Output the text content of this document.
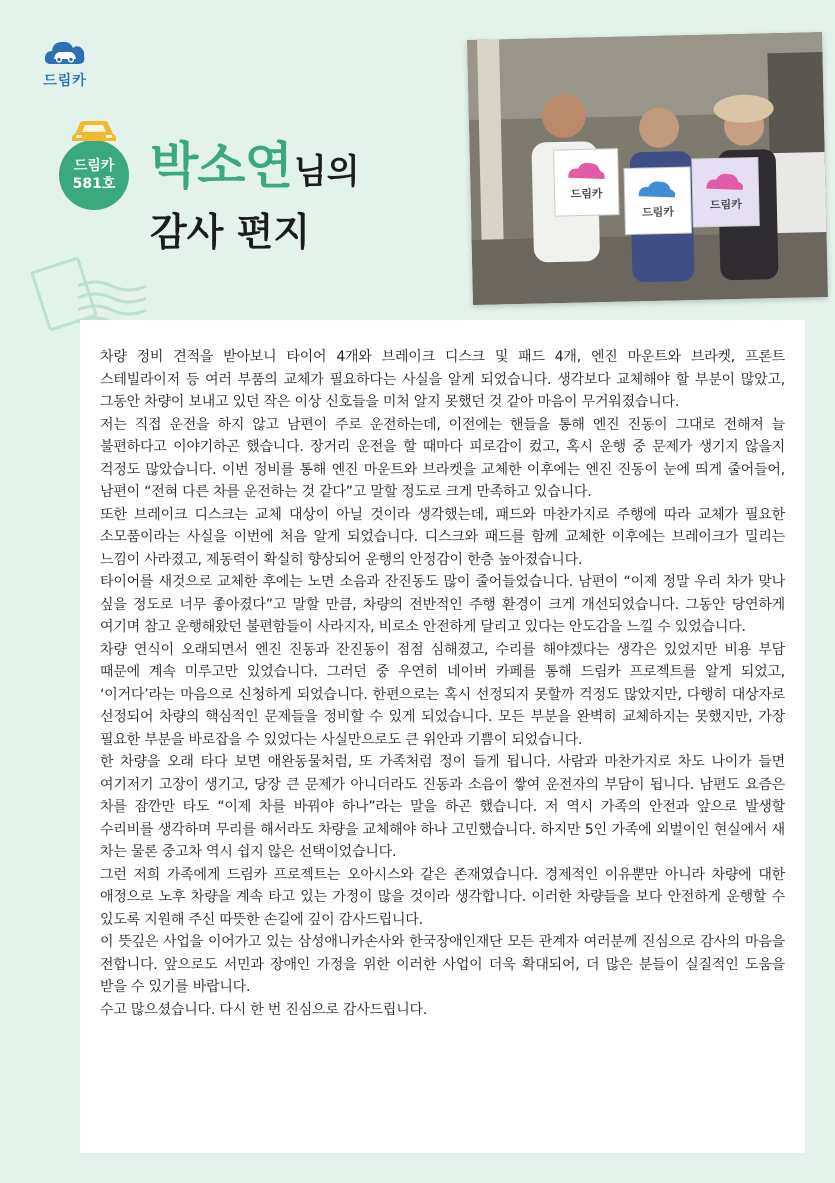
드림카
드림카
581호 박소연 님의
감사 편지
드림카
드림카
드림카

차량 정비 견적을 받아보니 타이어 4개와 브레이크 디스크 및 패드 4개, 엔진 마운트와 브라켓, 프론트 스테빌라이저 등 여러 부품의 교체가 필요하다는 사실을 알게 되었습니다. 생각보다 교체해야 할 부분이 많았고, 그동안 차량이 보내고 있던 작은 이상 신호들을 미처 알지 못했던 것 같아 마음이 무거워졌습니다.

저는 직접 운전을 하지 않고 남편이 주로 운전하는데, 이전에는 핸들을 통해 엔진 진동이 그대로 전해져 늘 불편하다고 이야기하곤 했습니다. 장거리 운전을 할 때마다 피로감이 컸고, 혹시 운행 중 문제가 생기지 않을지 걱정도 많았습니다. 이번 정비를 통해 엔진 마운트와 브라켓을 교체한 이후에는 엔진 진동이 눈에 띄게 줄어들어, 남편이 “전혀 다른 차를 운전하는 것 같다”고 말할 정도로 크게 만족하고 있습니다.

또한 브레이크 디스크는 교체 대상이 아닐 것이라 생각했는데, 패드와 마찬가지로 주행에 따라 교체가 필요한 소모품이라는 사실을 이번에 처음 알게 되었습니다. 디스크와 패드를 함께 교체한 이후에는 브레이크가 밀리는 느낌이 사라졌고, 제동력이 확실히 향상되어 운행의 안정감이 한층 높아졌습니다.

타이어를 새것으로 교체한 후에는 노면 소음과 잔진동도 많이 줄어들었습니다. 남편이 “이제 정말 우리 차가 맞나 싶을 정도로 너무 좋아졌다”고 말할 만큼, 차량의 전반적인 주행 환경이 크게 개선되었습니다. 그동안 당연하게 여기며 참고 운행해왔던 불편함들이 사라지자, 비로소 안전하게 달리고 있다는 안도감을 느낄 수 있었습니다.

차량 연식이 오래되면서 엔진 진동과 잔진동이 점점 심해졌고, 수리를 해야겠다는 생각은 있었지만 비용 부담 때문에 계속 미루고만 있었습니다. 그러던 중 우연히 네이버 카페를 통해 드림카 프로젝트를 알게 되었고, ‘이거다’라는 마음으로 신청하게 되었습니다. 한편으로는 혹시 선정되지 못할까 걱정도 많았지만, 다행히 대상자로 선정되어 차량의 핵심적인 문제들을 정비할 수 있게 되었습니다. 모든 부분을 완벽히 교체하지는 못했지만, 가장 필요한 부분을 바로잡을 수 있었다는 사실만으로도 큰 위안과 기쁨이 되었습니다.

한 차량을 오래 타다 보면 애완동물처럼, 또 가족처럼 정이 들게 됩니다. 사람과 마찬가지로 차도 나이가 들면 여기저기 고장이 생기고, 당장 큰 문제가 아니더라도 진동과 소음이 쌓여 운전자의 부담이 됩니다. 남편도 요즘은 차를 잠깐만 타도 “이제 차를 바꿔야 하나”라는 말을 하곤 했습니다. 저 역시 가족의 안전과 앞으로 발생할 수리비를 생각하며 무리를 해서라도 차량을 교체해야 하나 고민했습니다. 하지만 5인 가족에 외벌이인 현실에서 새 차는 물론 중고차 역시 쉽지 않은 선택이었습니다.

그런 저희 가족에게 드림카 프로젝트는 오아시스와 같은 존재였습니다. 경제적인 이유뿐만 아니라 차량에 대한 애정으로 노후 차량을 계속 타고 있는 가정이 많을 것이라 생각합니다. 이러한 차량들을 보다 안전하게 운행할 수 있도록 지원해 주신 따뜻한 손길에 깊이 감사드립니다.

이 뜻깊은 사업을 이어가고 있는 삼성애니카손사와 한국장애인재단 모든 관계자 여러분께 진심으로 감사의 마음을 전합니다. 앞으로도 서민과 장애인 가정을 위한 이러한 사업이 더욱 확대되어, 더 많은 분들이 실질적인 도움을 받을 수 있기를 바랍니다.

수고 많으셨습니다. 다시 한 번 진심으로 감사드립니다.
